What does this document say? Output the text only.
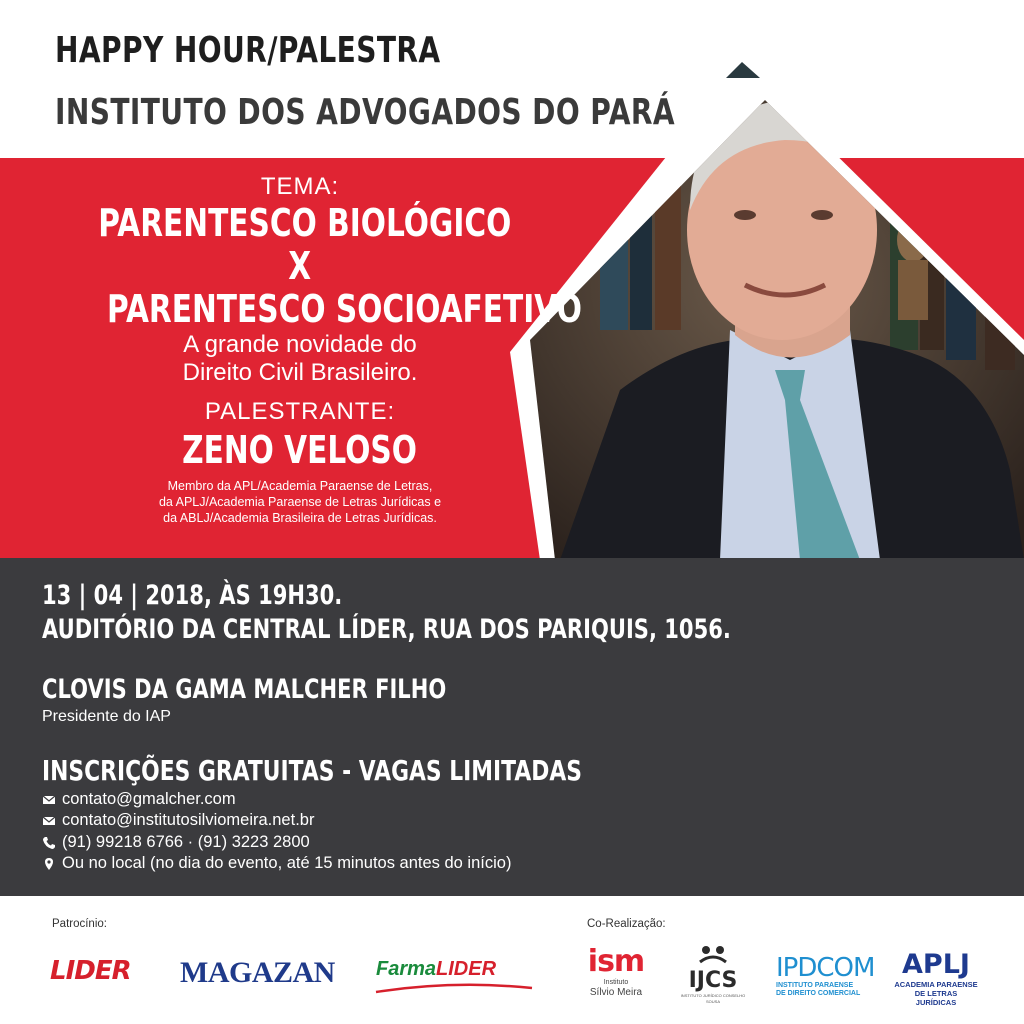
HAPPY HOUR/PALESTRA
INSTITUTO DOS ADVOGADOS DO PARÁ
TEMA:
PARENTESCO BIOLÓGICO
X
PARENTESCO SOCIOAFETIVO
A grande novidade do
Direito Civil Brasileiro.
PALESTRANTE:
ZENO VELOSO
Membro da APL/Academia Paraense de Letras,
da APLJ/Academia Paraense de Letras Jurídicas e
da ABLJ/Academia Brasileira de Letras Jurídicas.
13 | 04 | 2018, ÀS 19H30.
AUDITÓRIO DA CENTRAL LÍDER, RUA DOS PARIQUIS, 1056.
CLOVIS DA GAMA MALCHER FILHO
Presidente do IAP
INSCRIÇÕES GRATUITAS - VAGAS LIMITADAS
contato@gmalcher.com
contato@institutosilviomeira.net.br
(91) 99218 6766 · (91) 3223 2800
Ou no local (no dia do evento, até 15 minutos antes do início)
Patrocínio:	Co-Realização:
LIDER MAGAZAN FarmaLIDER	ism
Instituto
Sílvio Meira	IJCS
INSTITUTO JURÍDICO CONSELHO SOUSA
IPDCOM
INSTITUTO PARAENSE
DE DIREITO COMERCIAL
APLJ
ACADEMIA PARAENSE
DE LETRAS JURÍDICAS
